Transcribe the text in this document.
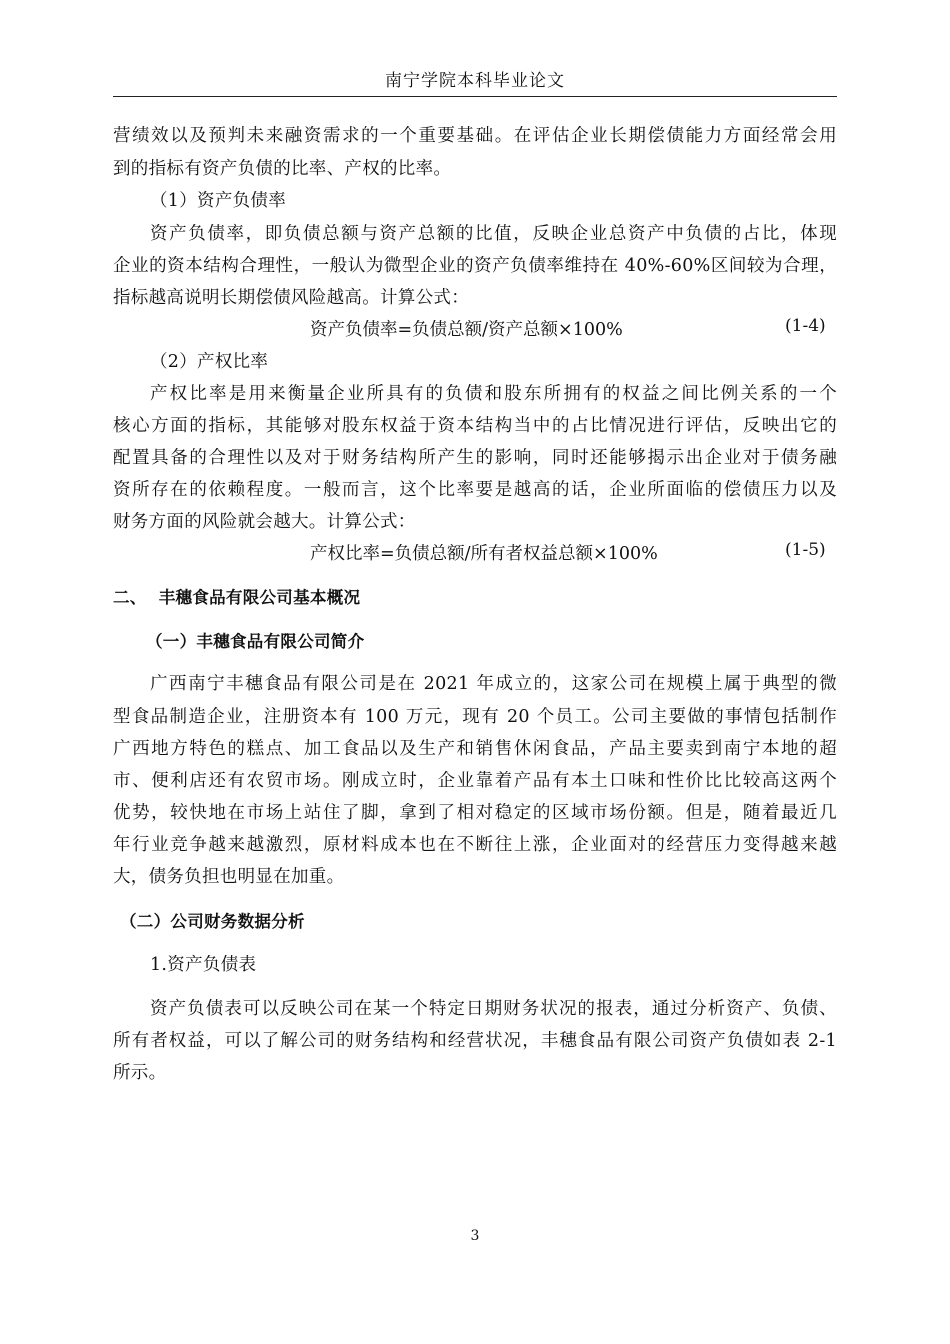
南宁学院本科毕业论文
营绩效以及预判未来融资需求的一个重要基础。在评估企业长期偿债能力方面经常会用
到的指标有资产负债的比率、产权的比率。
（1）资产负债率
资产负债率，即负债总额与资产总额的比值，反映企业总资产中负债的占比，体现
企业的资本结构合理性，一般认为微型企业的资产负债率维持在 40%-60%区间较为合理，
指标越高说明长期偿债风险越高。计算公式：
资产负债率=负债总额/资产总额×100%	(1-4)
（2）产权比率
产权比率是用来衡量企业所具有的负债和股东所拥有的权益之间比例关系的一个
核心方面的指标，其能够对股东权益于资本结构当中的占比情况进行评估，反映出它的
配置具备的合理性以及对于财务结构所产生的影响，同时还能够揭示出企业对于债务融
资所存在的依赖程度。一般而言，这个比率要是越高的话，企业所面临的偿债压力以及
财务方面的风险就会越大。计算公式：
产权比率=负债总额/所有者权益总额×100%	(1-5)
二、  丰穗食品有限公司基本概况
（一）丰穗食品有限公司简介
广西南宁丰穗食品有限公司是在 2021 年成立的，这家公司在规模上属于典型的微
型食品制造企业，注册资本有 100 万元，现有 20 个员工。公司主要做的事情包括制作
广西地方特色的糕点、加工食品以及生产和销售休闲食品，产品主要卖到南宁本地的超
市、便利店还有农贸市场。刚成立时，企业靠着产品有本土口味和性价比比较高这两个
优势，较快地在市场上站住了脚，拿到了相对稳定的区域市场份额。但是，随着最近几
年行业竞争越来越激烈，原材料成本也在不断往上涨，企业面对的经营压力变得越来越
大，债务负担也明显在加重。
（二）公司财务数据分析
1.资产负债表
资产负债表可以反映公司在某一个特定日期财务状况的报表，通过分析资产、负债、
所有者权益，可以了解公司的财务结构和经营状况，丰穗食品有限公司资产负债如表 2-1
所示。
3
